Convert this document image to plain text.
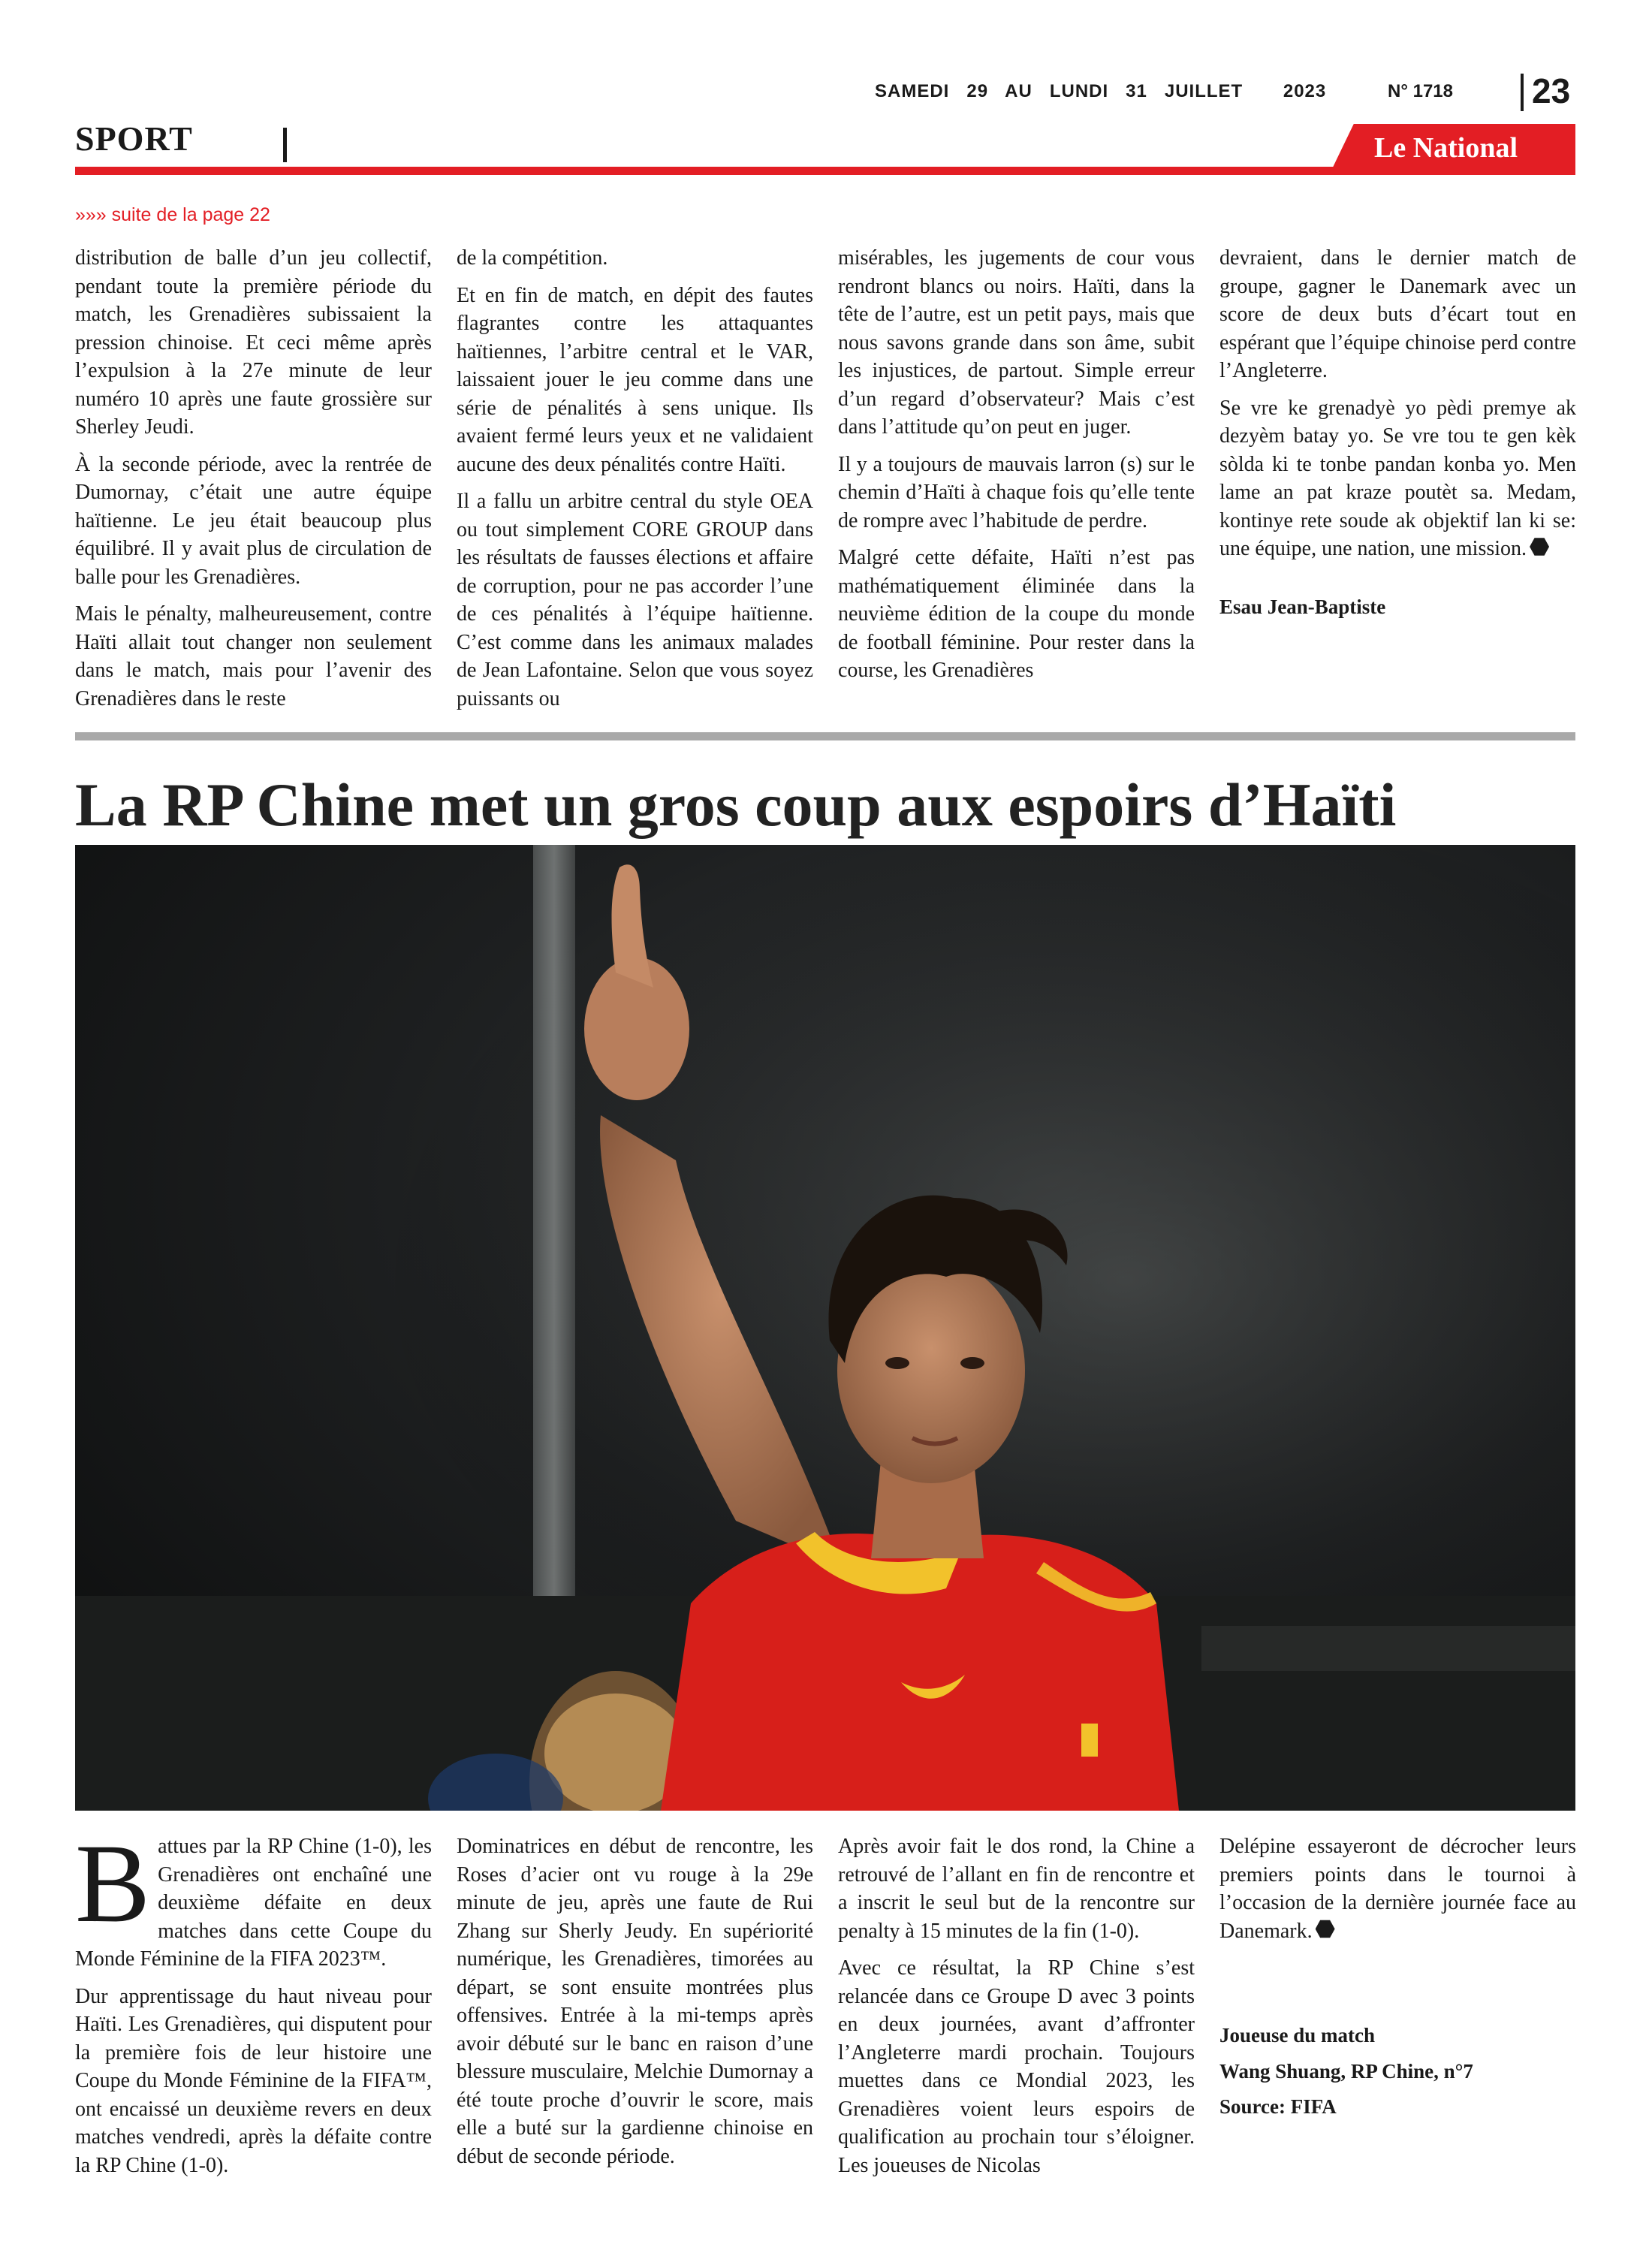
SAMEDI   29   AU   LUNDI   31   JUILLET       2023	N° 1718 23
SPORT	Le National
»»» suite de la page 22

distribution de balle d’un jeu collectif, pendant toute la première période du match, les Grenadières subissaient la pression chinoise. Et ceci même après l’expulsion à la 27e minute de leur numéro 10 après une faute grossière sur Sherley Jeudi.

À la seconde période, avec la rentrée de Dumornay, c’était une autre équipe haïtienne. Le jeu était beaucoup plus équilibré. Il y avait plus de circulation de balle pour les Grenadières.

Mais le pénalty, malheureusement, contre Haïti allait tout changer non seulement dans le match, mais pour l’avenir des Grenadières dans le reste

de la compétition.

Et en fin de match, en dépit des fautes flagrantes contre les attaquantes haïtiennes, l’arbitre central et le VAR, laissaient jouer le jeu comme dans une série de pénalités à sens unique. Ils avaient fermé leurs yeux et ne validaient aucune des deux pénalités contre Haïti.

Il a fallu un arbitre central du style OEA ou tout simplement CORE GROUP dans les résultats de fausses élections et affaire de corruption, pour ne pas accorder l’une de ces pénalités à l’équipe haïtienne. C’est comme dans les animaux malades de Jean Lafontaine. Selon que vous soyez puissants ou

misérables, les jugements de cour vous rendront blancs ou noirs. Haïti, dans la tête de l’autre, est un petit pays, mais que nous savons grande dans son âme, subit les injustices, de partout. Simple erreur d’un regard d’observateur? Mais c’est dans l’attitude qu’on peut en juger.

Il y a toujours de mauvais larron (s) sur le chemin d’Haïti à chaque fois qu’elle tente de rompre avec l’habitude de perdre.

Malgré cette défaite, Haïti n’est pas mathématiquement éliminée dans la neuvième édition de la coupe du monde de football féminine. Pour rester dans la course, les Grenadières

devraient, dans le dernier match de groupe, gagner le Danemark avec un score de deux buts d’écart tout en espérant que l’équipe chinoise perd contre l’Angleterre.

Se vre ke grenadyè yo pèdi premye ak dezyèm batay yo. Se vre tou te gen kèk sòlda ki te tonbe pandan konba yo. Men lame an pat kraze poutèt sa. Medam, kontinye rete soude ak objektif lan ki se: une équipe, une nation, une mission.

Esau Jean-Baptiste

La RP Chine met un gros coup aux espoirs d’Haïti

Battues par la RP Chine (1-0), les Grenadières ont enchaîné une deuxième défaite en deux matches dans cette Coupe du Monde Féminine de la FIFA 2023™.

Dur apprentissage du haut niveau pour Haïti. Les Grenadières, qui disputent pour la première fois de leur histoire une Coupe du Monde Féminine de la FIFA™, ont encaissé un deuxième revers en deux matches vendredi, après la défaite contre la RP Chine (1-0).

Dominatrices en début de rencontre, les Roses d’acier ont vu rouge à la 29e minute de jeu, après une faute de Rui Zhang sur Sherly Jeudy. En supériorité numérique, les Grenadières, timorées au départ, se sont ensuite montrées plus offensives. Entrée à la mi-temps après avoir débuté sur le banc en raison d’une blessure musculaire, Melchie Dumornay a été toute proche d’ouvrir le score, mais elle a buté sur la gardienne chinoise en début de seconde période.

Après avoir fait le dos rond, la Chine a retrouvé de l’allant en fin de rencontre et a inscrit le seul but de la rencontre sur penalty à 15 minutes de la fin (1-0).

Avec ce résultat, la RP Chine s’est relancée dans ce Groupe D avec 3 points en deux journées, avant d’affronter l’Angleterre mardi prochain. Toujours muettes dans ce Mondial 2023, les Grenadières voient leurs espoirs de qualification au prochain tour s’éloigner. Les joueuses de Nicolas

Delépine essayeront de décrocher leurs premiers points dans le tournoi à l’occasion de la dernière journée face au Danemark.

Joueuse du match

Wang Shuang, RP Chine, n°7

Source: FIFA
